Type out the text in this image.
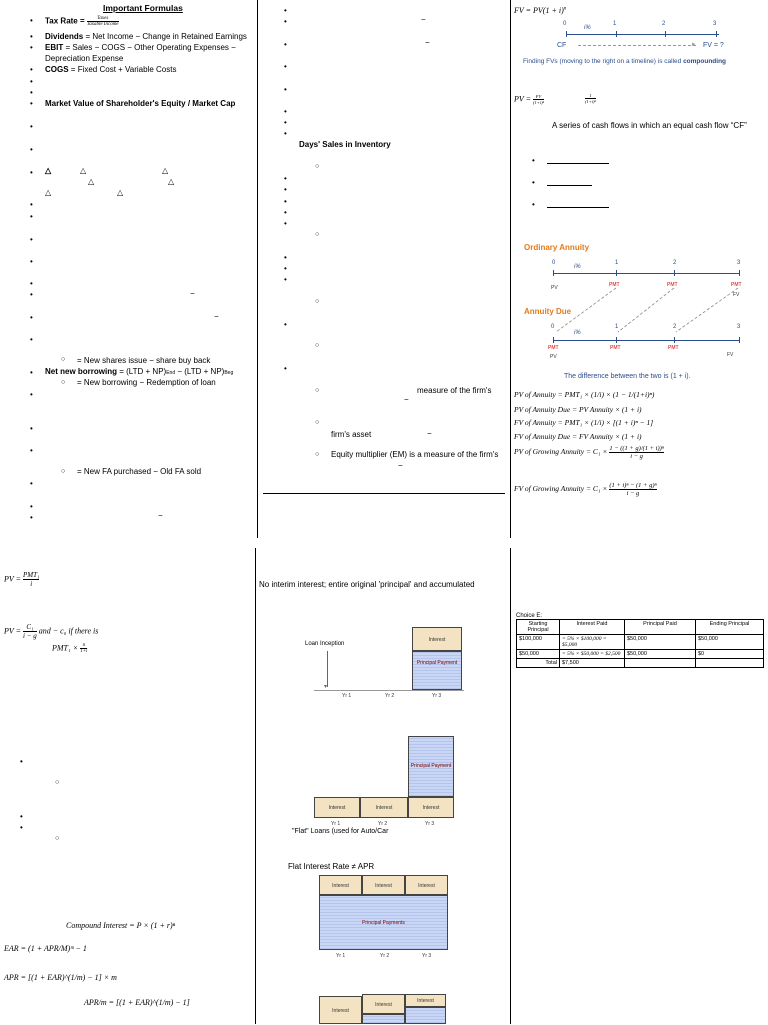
Important Formulas
• Tax Rate =	Taxes
Taxable Income
• Dividends = Net Income − Change in Retained Earnings
• EBIT = Sales − COGS − Other Operating Expenses −
Depreciation Expense
• COGS = Fixed Cost + Variable Costs
•
•
• Market Value of Shareholder's Equity / Market Cap
•
•
• △	△	△
△	△
△	△
•
•
•
•
•
•	−
•	−
•
○ = New shares issue − share buy back
• Net new borrowing = (LTD + NP)End − (LTD + NP)Beg
○ = New borrowing − Redemption of loan
•
•
•
○ = New FA purchased − Old FA sold
•
•
•	−
•
•	−
•	−
•
•
•
•
•
Days' Sales in Inventory
○
•
•
•
•
•
○
•
•
•
○
•
○
•
○	measure of the firm's
−
○
firm's asset	−
○ Equity multiplier (EM) is a measure of the firm's
−
FV = $PV(1 + i)^n$
0	1	2	3
i%
CF	▸ FV = ?
Finding FVs (moving to the right on a timeline) is called compounding
PV = $\frac{FV}{\text{(1+i)ⁿ}}$	$\frac{1}{\text{(1+i)ⁿ}}$
A series of cash flows in which an equal cash flow “CF”
•
•
•
Ordinary Annuity
0	1	2	3
i%
PV	PMT	PMT	PMT
FV
Annuity Due
0	1	2	3
i%
PMT	PMT	PMT
PV	FV
The difference between the two is (1 + i).
PV of Annuity = PMT₁ × (1/i) × (1 − 1/(1+i)ⁿ)
PV of Annuity Due = PV Annuity × (1 + i)
FV of Annuity = PMT₁ × (1/i) × [(1 + i)ⁿ − 1]
FV of Annuity Due = FV Annuity × (1 + i)
PV of Growing Annuity = $C_1 \times \frac{\text{1 − ((1 + g)/(1 + i))ⁿ}}{i - g}$
FV of Growing Annuity = $C_1 \times \frac{\text{(1 + i)ⁿ − (1 + g)ⁿ}}{i - g}$
PV = PMT₁
i
PV = $\frac{\text{C₁}}{i - g}$ and − c₀ if there is
$PMT_1 \times \frac{n}{1+i}$
•
○
•
•
○
Compound Interest = P × (1 + r)ⁿ
EAR = (1 + APR/M)ᵐ − 1
APR = [(1 + EAR)^(1/m) − 1] × m
APR/m = [(1 + EAR)^(1/m) − 1]
No interim interest; entire original 'principal' and accumulated
Loan Inception
▾
Interest
Principal Payment
Yr 1	Yr 2	Yr 3
Principal Payment
Interest	Interest	Interest
Yr 1	Yr 2	Yr 3
"Flat" Loans (used for Auto/Car
Flat Interest Rate ≠ APR
Interest	Interest	Interest
Principal Payments
Yr 1	Yr 2	Yr 3
Interest
Interest
Interest
Choice E:
Starting Principal	Interest Paid	Principal Paid	Ending Principal
$100,000	= 5% × $100,000 = $5,000	$50,000	$50,000
$50,000	= 5% × $50,000 = $2,500	$50,000	$0
Total	$7,500		
